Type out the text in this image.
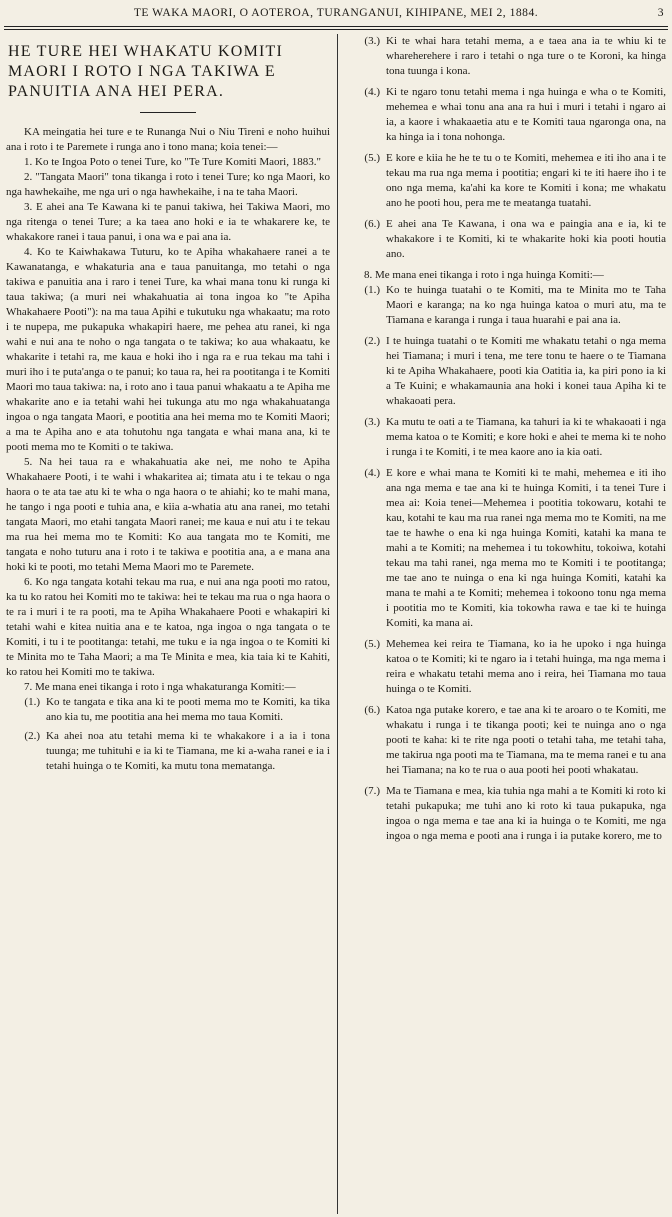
TE WAKA MAORI, O AOTEROA, TURANGANUI, KIHIPANE, MEI 2, 1884.	3
HE TURE HEI WHAKATU KOMITI MAORI I ROTO I NGA TAKIWA E PANUITIA ANA HEI PERA.

KA meingatia hei ture e te Runanga Nui o Niu Tireni e noho huihui ana i roto i te Paremete i runga ano i tono mana; koia tenei:—

1. Ko te Ingoa Poto o tenei Ture, ko "Te Ture Komiti Maori, 1883."

2. "Tangata Maori" tona tikanga i roto i tenei Ture; ko nga Maori, ko nga hawhekaihe, me nga uri o nga hawhekaihe, i na te taha Maori.

3. E ahei ana Te Kawana ki te panui takiwa, hei Takiwa Maori, mo nga ritenga o tenei Ture; a ka taea ano hoki e ia te whakarere ke, te whakakore ranei i taua panui, i ona wa e pai ana ia.

4. Ko te Kaiwhakawa Tuturu, ko te Apiha whakahaere ranei a te Kawanatanga, e whakaturia ana e taua panuitanga, mo tetahi o nga takiwa e panuitia ana i raro i tenei Ture, ka whai mana tonu ki runga ki taua takiwa; (a muri nei whakahuatia ai tona ingoa ko "te Apiha Whakahaere Pooti"): na ma taua Apihi e tukutuku nga whakaatu; ma roto i te nupepa, me pukapuka whakapiri haere, me pehea atu ranei, ki nga wahi e nui ana te noho o nga tangata o te takiwa; ko aua whakaatu, ke whakarite i tetahi ra, me kaua e hoki iho i nga ra e rua tekau ma tahi i muri iho i te puta'anga o te panui; ko taua ra, hei ra pootitanga i te Komiti Maori mo taua takiwa: na, i roto ano i taua panui whakaatu a te Apiha me whakarite ano e ia tetahi wahi hei tukunga atu mo nga whakahuatanga ingoa o nga tangata Maori, e pootitia ana hei mema mo te Komiti Maori; a ma te Apiha ano e ata tohutohu nga tangata e whai mana ana, ki te pooti mema mo te Komiti o te takiwa.

5. Na hei taua ra e whakahuatia ake nei, me noho te Apiha Whakahaere Pooti, i te wahi i whakaritea ai; timata atu i te tekau o nga haora o te ata tae atu ki te wha o nga haora o te ahiahi; ko te mahi mana, he tango i nga pooti e tuhia ana, e kiia a-whatia atu ana ranei, mo tetahi tangata Maori, mo etahi tangata Maori ranei; me kaua e nui atu i te tekau ma rua hei mema mo te Komiti: Ko aua tangata mo te Komiti, me tangata e noho tuturu ana i roto i te takiwa e pootitia ana, a e mana ana hoki ki te pooti, mo tetahi Mema Maori mo te Paremete.

6. Ko nga tangata kotahi tekau ma rua, e nui ana nga pooti mo ratou, ka tu ko ratou hei Komiti mo te takiwa: hei te tekau ma rua o nga haora o te ra i muri i te ra pooti, ma te Apiha Whakahaere Pooti e whakapiri ki tetahi wahi e kitea nuitia ana e te katoa, nga ingoa o nga tangata o te Komiti, i tu i te pootitanga: tetahi, me tuku e ia nga ingoa o te Komiti ki te Minita mo te Taha Maori; a ma Te Minita e mea, kia taia ki te Kahiti, ko ratou hei Komiti mo te takiwa.

7. Me mana enei tikanga i roto i nga whakaturanga Komiti:—

(1.) Ko te tangata e tika ana ki te pooti mema mo te Komiti, ka tika ano kia tu, me pootitia ana hei mema mo taua Komiti.
(2.) Ka ahei noa atu tetahi mema ki te whakakore i a ia i tona tuunga; me tuhituhi e ia ki te Tiamana, me ki a-waha ranei e ia i tetahi huinga o te Komiti, ka mutu tona mematanga.
(3.) Ki te whai hara tetahi mema, a e taea ana ia te whiu ki te whareherehere i raro i tetahi o nga ture o te Koroni, ka hinga tona tuunga i kona.
(4.) Ki te ngaro tonu tetahi mema i nga huinga e wha o te Komiti, mehemea e whai tonu ana ana ra hui i muri i tetahi i ngaro ai ia, a kaore i whakaaetia atu e te Komiti taua ngaronga ona, na ka hinga ia i tona nohonga.
(5.) E kore e kiia he he te tu o te Komiti, mehemea e iti iho ana i te tekau ma rua nga mema i pootitia; engari ki te iti haere iho i te ono nga mema, ka'ahi ka kore te Komiti i kona; me whakatu ano he pooti hou, pera me te meatanga tuatahi.
(6.) E ahei ana Te Kawana, i ona wa e paingia ana e ia, ki te whakakore i te Komiti, ki te whakarite hoki kia pooti houtia ano.

8. Me mana enei tikanga i roto i nga huinga Komiti:—

(1.) Ko te huinga tuatahi o te Komiti, ma te Minita mo te Taha Maori e karanga; na ko nga huinga katoa o muri atu, ma te Tiamana e karanga i runga i taua huarahi e pai ana ia.
(2.) I te huinga tuatahi o te Komiti me whakatu tetahi o nga mema hei Tiamana; i muri i tena, me tere tonu te haere o te Tiamana ki te Apiha Whakahaere, pooti kia Oatitia ia, ka piri pono ia ki a Te Kuini; e whakamaunia ana hoki i konei taua Apiha ki te whakaoati pera.
(3.) Ka mutu te oati a te Tiamana, ka tahuri ia ki te whakaoati i nga mema katoa o te Komiti; e kore hoki e ahei te mema ki te noho i runga i te Komiti, i te mea kaore ano ia kia oati.
(4.) E kore e whai mana te Komiti ki te mahi, mehemea e iti iho ana nga mema e tae ana ki te huinga Komiti, i ta tenei Ture i mea ai: Koia tenei—Mehemea i pootitia tokowaru, kotahi te kau, kotahi te kau ma rua ranei nga mema mo te Komiti, na me tae te hawhe o ena ki nga huinga Komiti, katahi ka mana te mahi a te Komiti; na mehemea i tu tokowhitu, tokoiwa, kotahi tekau ma tahi ranei, nga mema mo te Komiti i te pootitanga; me tae ano te nuinga o ena ki nga huinga Komiti, katahi ka mana te mahi a te Komiti; mehemea i tokoono tonu nga mema i pootitia mo te Komiti, kia tokowha rawa e tae ki te huinga Komiti, ka mana ai.
(5.) Mehemea kei reira te Tiamana, ko ia he upoko i nga huinga katoa o te Komiti; ki te ngaro ia i tetahi huinga, ma nga mema i reira e whakatu tetahi mema ano i reira, hei Tiamana mo taua huinga o te Komiti.
(6.) Katoa nga putake korero, e tae ana ki te aroaro o te Komiti, me whakatu i runga i te tikanga pooti; kei te nuinga ano o nga pooti te kaha: ki te rite nga pooti o tetahi taha, me tetahi taha, me takirua nga pooti ma te Tiamana, ma te mema ranei e tu ana hei Tiamana; na ko te rua o aua pooti hei pooti whakatau.
(7.) Ma te Tiamana e mea, kia tuhia nga mahi a te Komiti ki roto ki tetahi pukapuka; me tuhi ano ki roto ki taua pukapuka, nga ingoa o nga mema e tae ana ki ia huinga o te Komiti, me nga ingoa o nga mema e pooti ana i runga i ia putake korero, me to
